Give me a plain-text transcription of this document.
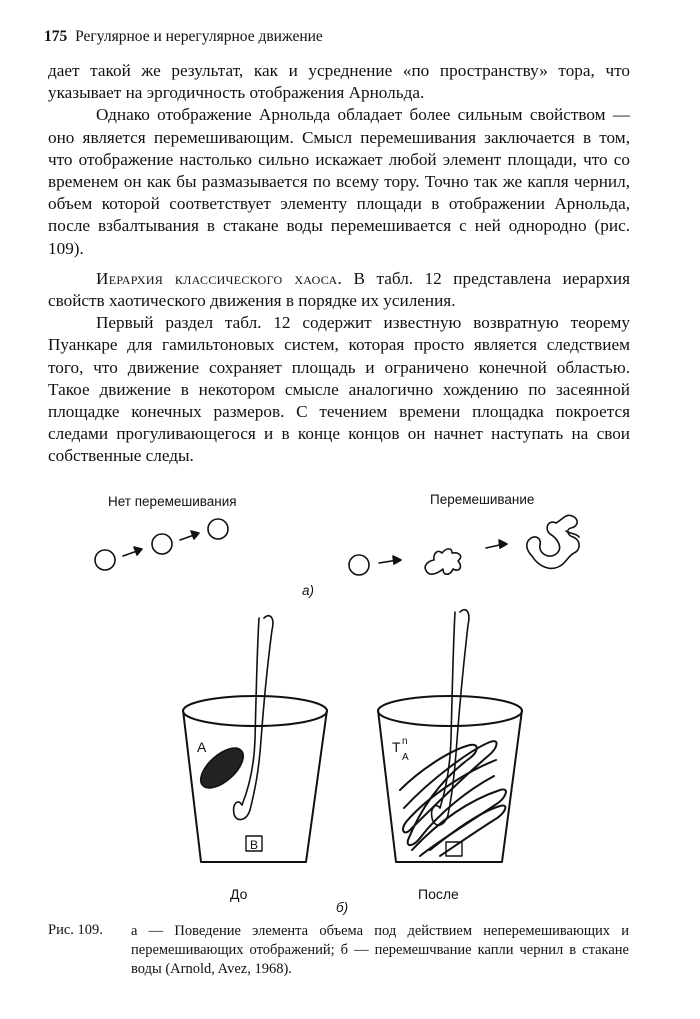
175 Регулярное и нерегулярное движение

дает такой же результат, как и усреднение «по пространству» тора, что указывает на эргодичность отображения Арнольда.

Однако отображение Арнольда обладает более сильным свойством — оно является перемешивающим. Смысл перемешивания заключается в том, что отображение настолько сильно искажает любой элемент площади, что со временем он как бы размазывается по всему тору. Точно так же капля чернил, объем которой соответствует элементу площади в отображении Арнольда, после взбалтывания в стакане воды перемешивается с ней однородно (рис. 109).

Иерархия классического хаоса. В табл. 12 представлена иерархия свойств хаотического движения в порядке их усиления.

Первый раздел табл. 12 содержит известную возвратную теорему Пуанкаре для гамильтоновых систем, которая просто является следствием того, что движение сохраняет площадь и ограничено конечной областью. Такое движение в некотором смысле аналогично хождению по засеянной площадке конечных размеров. С течением времени площадка покроется следами прогуливающегося и в конце концов он начнет наступать на свои собственные следы.

Нет перемешивания	Перемешивание
а)
б)
До	После
A
B
T n
A
Рис. 109.	а — Поведение элемента объема под действием неперемешивающих и перемешивающих отображений; б — перемешчвание капли чернил в стакане воды (Arnold, Avez, 1968).
